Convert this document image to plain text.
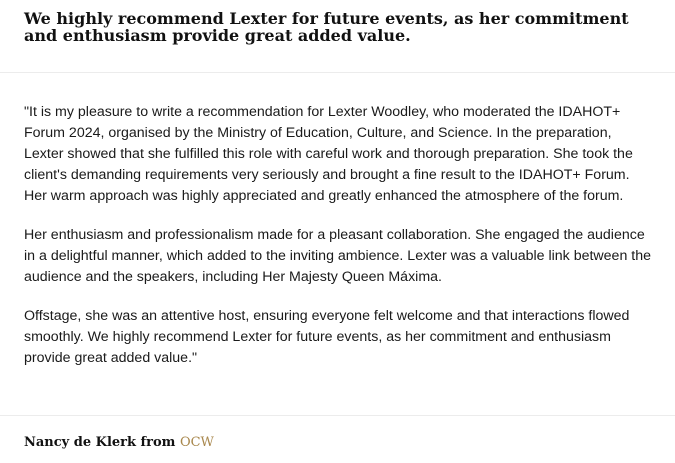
We highly recommend Lexter for future events, as her commitment and enthusiasm provide great added value.

"It is my pleasure to write a recommendation for Lexter Woodley, who moderated the IDAHOT+ Forum 2024, organised by the Ministry of Education, Culture, and Science. In the preparation, Lexter showed that she fulfilled this role with careful work and thorough preparation. She took the client's demanding requirements very seriously and brought a fine result to the IDAHOT+ Forum. Her warm approach was highly appreciated and greatly enhanced the atmosphere of the forum.

Her enthusiasm and professionalism made for a pleasant collaboration. She engaged the audience in a delightful manner, which added to the inviting ambience. Lexter was a valuable link between the audience and the speakers, including Her Majesty Queen Máxima.

Offstage, she was an attentive host, ensuring everyone felt welcome and that interactions flowed smoothly. We highly recommend Lexter for future events, as her commitment and enthusiasm provide great added value."

Nancy de Klerk from OCW
